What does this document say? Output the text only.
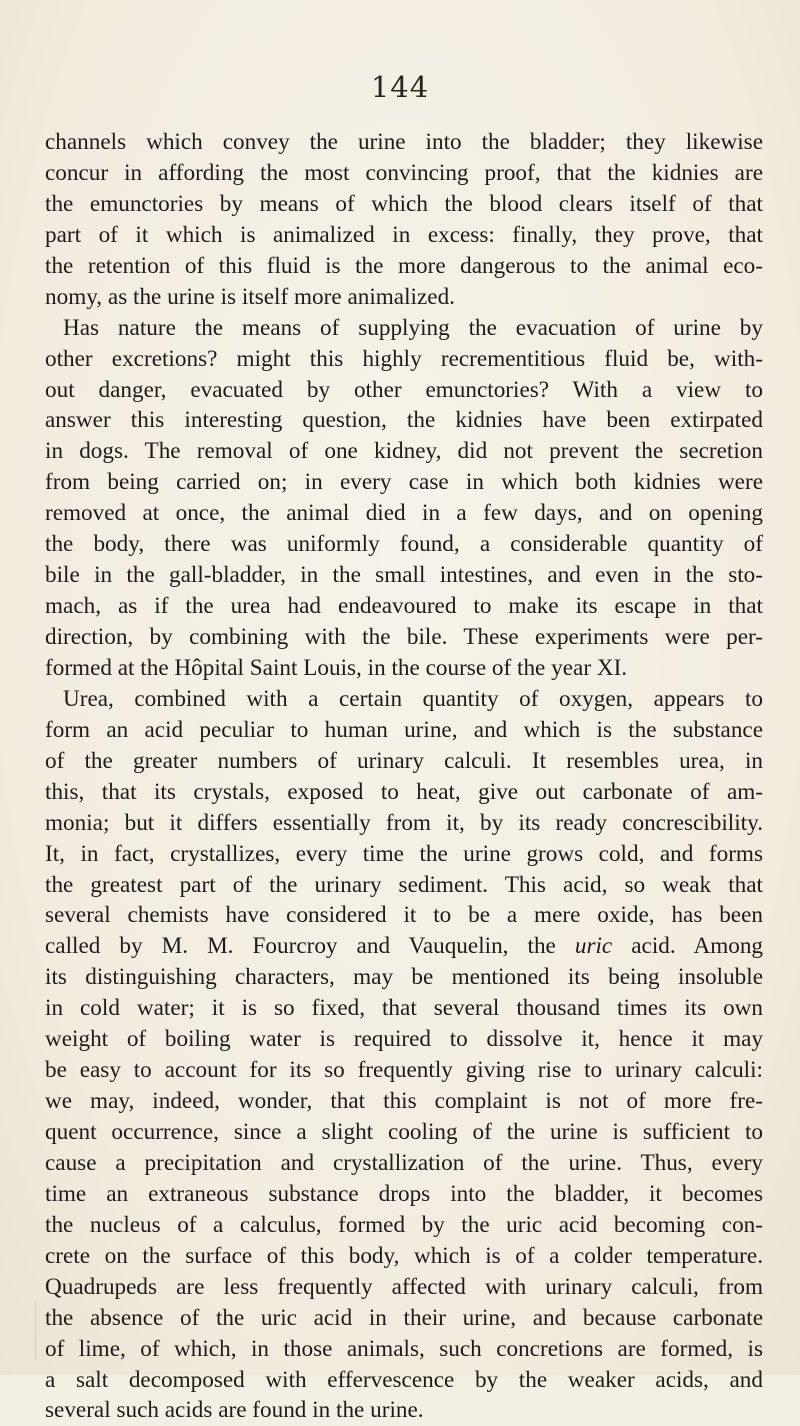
144
channels which convey the urine into the bladder; they likewise
concur in affording the most convincing proof, that the kidnies are
the emunctories by means of which the blood clears itself of that
part of it which is animalized in excess: finally, they prove, that
the retention of this fluid is the more dangerous to the animal eco-
nomy, as the urine is itself more animalized.
Has nature the means of supplying the evacuation of urine by
other excretions? might this highly recrementitious fluid be, with-
out danger, evacuated by other emunctories? With a view to
answer this interesting question, the kidnies have been extirpated
in dogs. The removal of one kidney, did not prevent the secretion
from being carried on; in every case in which both kidnies were
removed at once, the animal died in a few days, and on opening
the body, there was uniformly found, a considerable quantity of
bile in the gall-bladder, in the small intestines, and even in the sto-
mach, as if the urea had endeavoured to make its escape in that
direction, by combining with the bile. These experiments were per-
formed at the Hôpital Saint Louis, in the course of the year XI.
Urea, combined with a certain quantity of oxygen, appears to
form an acid peculiar to human urine, and which is the substance
of the greater numbers of urinary calculi. It resembles urea, in
this, that its crystals, exposed to heat, give out carbonate of am-
monia; but it differs essentially from it, by its ready concrescibility.
It, in fact, crystallizes, every time the urine grows cold, and forms
the greatest part of the urinary sediment. This acid, so weak that
several chemists have considered it to be a mere oxide, has been
called by M. M. Fourcroy and Vauquelin, the uric acid. Among
its distinguishing characters, may be mentioned its being insoluble
in cold water; it is so fixed, that several thousand times its own
weight of boiling water is required to dissolve it, hence it may
be easy to account for its so frequently giving rise to urinary calculi:
we may, indeed, wonder, that this complaint is not of more fre-
quent occurrence, since a slight cooling of the urine is sufficient to
cause a precipitation and crystallization of the urine. Thus, every
time an extraneous substance drops into the bladder, it becomes
the nucleus of a calculus, formed by the uric acid becoming con-
crete on the surface of this body, which is of a colder temperature.
Quadrupeds are less frequently affected with urinary calculi, from
the absence of the uric acid in their urine, and because carbonate
of lime, of which, in those animals, such concretions are formed, is
a salt decomposed with effervescence by the weaker acids, and
several such acids are found in the urine.
